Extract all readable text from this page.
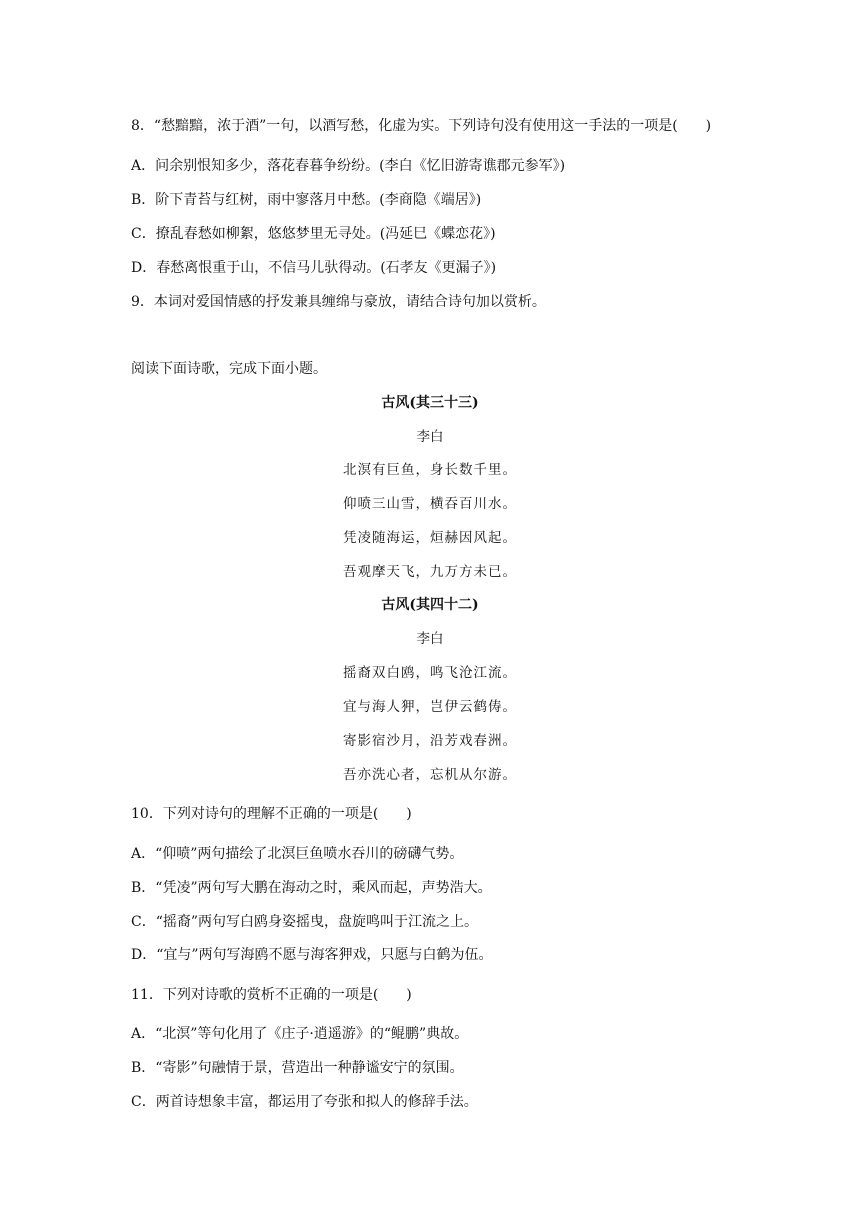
8．“愁黯黯，浓于酒”一句，以酒写愁，化虚为实。下列诗句没有使用这一手法的一项是(　　)
A．问余别恨知多少，落花春暮争纷纷。(李白《忆旧游寄谯郡元参军》)
B．阶下青苔与红树，雨中寥落月中愁。(李商隐《端居》)
C．撩乱春愁如柳絮，悠悠梦里无寻处。(冯延巳《蝶恋花》)
D．春愁离恨重于山，不信马儿驮得动。(石孝友《更漏子》)
9．本词对爱国情感的抒发兼具缠绵与豪放，请结合诗句加以赏析。
阅读下面诗歌，完成下面小题。
古风(其三十三)
李白
北溟有巨鱼，身长数千里。
仰喷三山雪，横吞百川水。
凭凌随海运，烜赫因风起。
吾观摩天飞，九万方未已。
古风(其四十二)
李白
摇裔双白鸥，鸣飞沧江流。
宜与海人狎，岂伊云鹤俦。
寄影宿沙月，沿芳戏春洲。
吾亦洗心者，忘机从尔游。
10．下列对诗句的理解不正确的一项是(　　)
A．“仰喷”两句描绘了北溟巨鱼喷水吞川的磅礴气势。
B．“凭凌”两句写大鹏在海动之时，乘风而起，声势浩大。
C．“摇裔”两句写白鸥身姿摇曳，盘旋鸣叫于江流之上。
D．“宜与”两句写海鸥不愿与海客狎戏，只愿与白鹤为伍。
11．下列对诗歌的赏析不正确的一项是(　　)
A．“北溟”等句化用了《庄子·逍遥游》的“鲲鹏”典故。
B．“寄影”句融情于景，营造出一种静谧安宁的氛围。
C．两首诗想象丰富，都运用了夸张和拟人的修辞手法。
